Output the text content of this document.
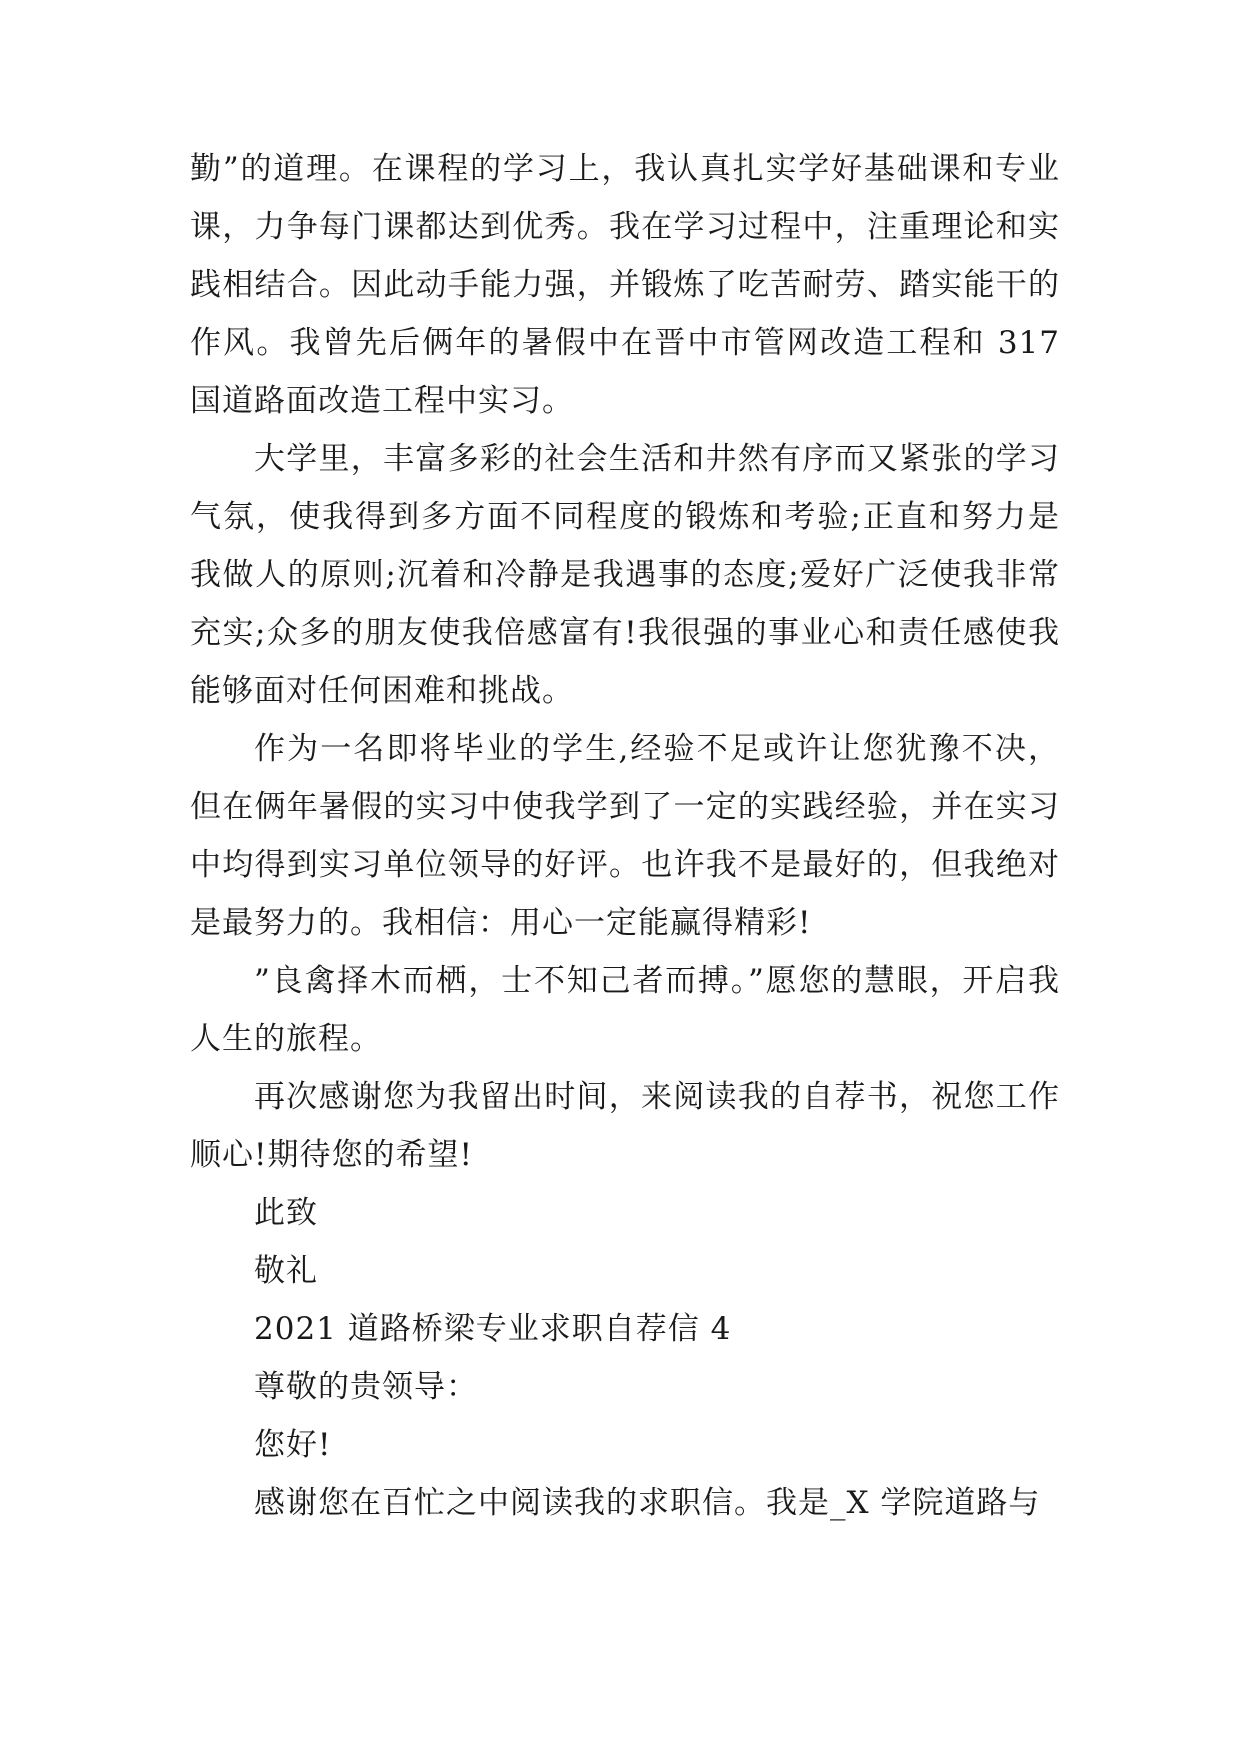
勤”的道理。在课程的学习上，我认真扎实学好基础课和专业课，力争每门课都达到优秀。我在学习过程中，注重理论和实践相结合。因此动手能力强，并锻炼了吃苦耐劳、踏实能干的作风。我曾先后俩年的暑假中在晋中市管网改造工程和 317 国道路面改造工程中实习。

大学里，丰富多彩的社会生活和井然有序而又紧张的学习气氛，使我得到多方面不同程度的锻炼和考验;正直和努力是我做人的原则;沉着和冷静是我遇事的态度;爱好广泛使我非常充实;众多的朋友使我倍感富有!我很强的事业心和责任感使我能够面对任何困难和挑战。

作为一名即将毕业的学生,经验不足或许让您犹豫不决，但在俩年暑假的实习中使我学到了一定的实践经验，并在实习中均得到实习单位领导的好评。也许我不是最好的，但我绝对是最努力的。我相信：用心一定能赢得精彩!

”良禽择木而栖，士不知己者而搏。”愿您的慧眼，开启我人生的旅程。

再次感谢您为我留出时间，来阅读我的自荐书，祝您工作顺心!期待您的希望!

此致

敬礼

2021 道路桥梁专业求职自荐信 4

尊敬的贵领导：

您好!

感谢您在百忙之中阅读我的求职信。我是_X 学院道路与
